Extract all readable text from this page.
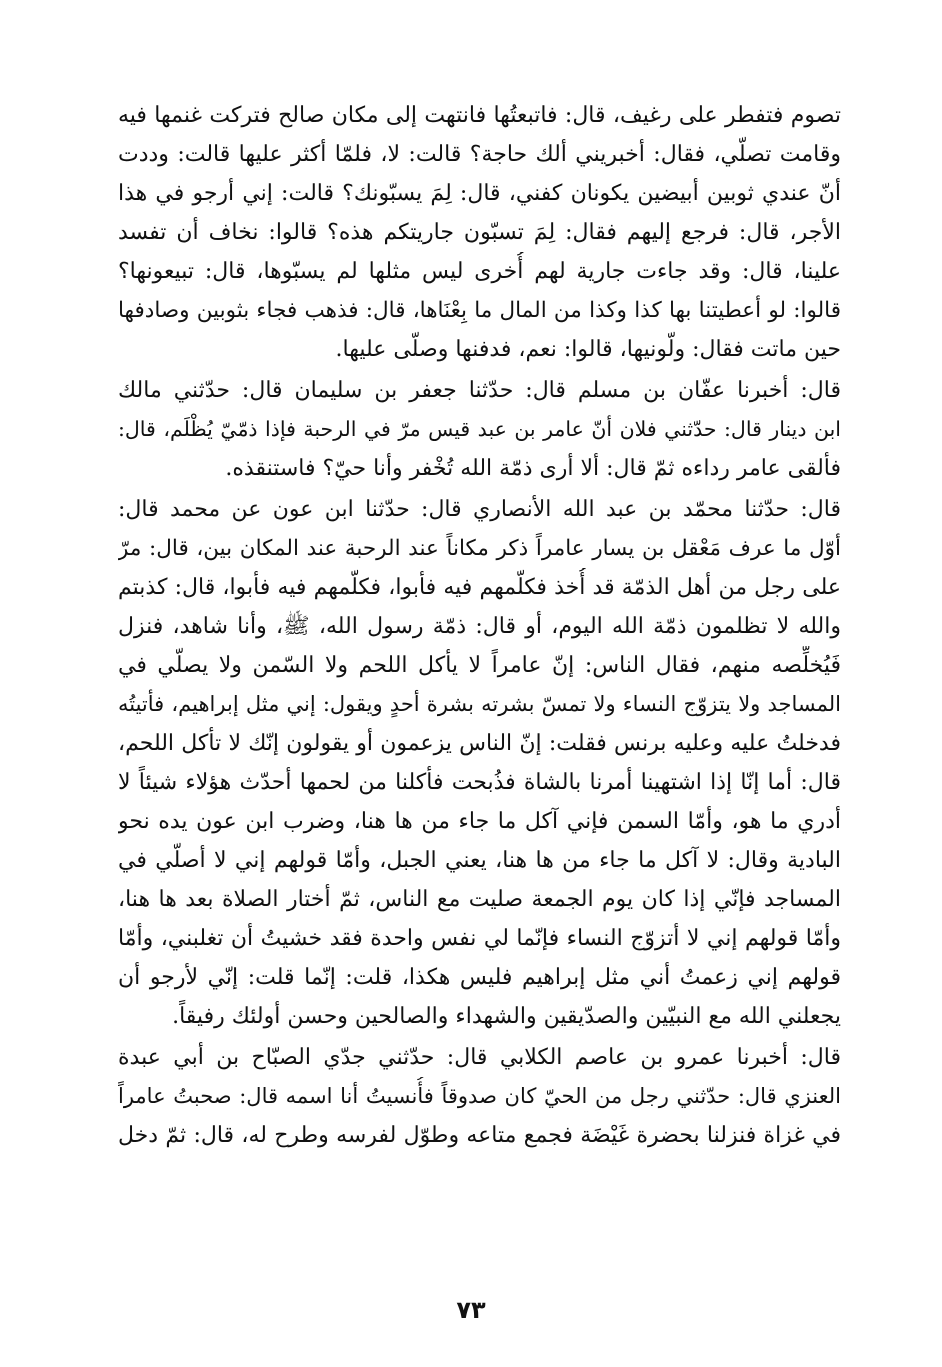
تصوم فتفطر على رغيف، قال: فاتبعتُها فانتهت إلى مكان صالح فتركت غنمها فيه
وقامت تصلّي، فقال: أخبريني ألك حاجة؟ قالت: لا، فلمّا أكثر عليها قالت: وددت
أنّ عندي ثوبين أبيضين يكونان كفني، قال: لِمَ يسبّونك؟ قالت: إني أرجو في هذا
الأجر، قال: فرجع إليهم فقال: لِمَ تسبّون جاريتكم هذه؟ قالوا: نخاف أن تفسد
علينا، قال: وقد جاءت جارية لهم أُخرى ليس مثلها لم يسبّوها، قال: تبيعونها؟
قالوا: لو أعطيتنا بها كذا وكذا من المال ما بِعْنَاها، قال: فذهب فجاء بثوبين وصادفها
حين ماتت فقال: ولّونيها، قالوا: نعم، فدفنها وصلّى عليها.
قال: أخبرنا عفّان بن مسلم قال: حدّثنا جعفر بن سليمان قال: حدّثني مالك
ابن دينار قال: حدّثني فلان أنّ عامر بن عبد قيس مرّ في الرحبة فإذا ذمّيّ يُظْلَم، قال:
فألقى عامر رداءه ثمّ قال: ألا أرى ذمّة الله تُخْفر وأنا حيّ؟ فاستنقذه.
قال: حدّثنا محمّد بن عبد الله الأنصاري قال: حدّثنا ابن عون عن محمد قال:
أوّل ما عرف مَعْقل بن يسار عامراً ذكر مكاناً عند الرحبة عند المكان بين، قال: مرّ
على رجل من أهل الذمّة قد أُخذ فكلّمهم فيه فأبوا، فكلّمهم فيه فأبوا، قال: كذبتم
والله لا تظلمون ذمّة الله اليوم، أو قال: ذمّة رسول الله، ﷺ، وأنا شاهد، فنزل
فَيُخلِّصه منهم، فقال الناس: إنّ عامراً لا يأكل اللحم ولا السّمن ولا يصلّي في
المساجد ولا يتزوّج النساء ولا تمسّ بشرته بشرة أحدٍ ويقول: إني مثل إبراهيم، فأتيتُه
فدخلتُ عليه وعليه برنس فقلت: إنّ الناس يزعمون أو يقولون إنّك لا تأكل اللحم،
قال: أما إنّا إذا اشتهينا أمرنا بالشاة فذُبحت فأكلنا من لحمها أحدّث هؤلاء شيئاً لا
أدري ما هو، وأمّا السمن فإني آكل ما جاء من ها هنا، وضرب ابن عون يده نحو
البادية وقال: لا آكل ما جاء من ها هنا، يعني الجبل، وأمّا قولهم إني لا أصلّي في
المساجد فإنّي إذا كان يوم الجمعة صليت مع الناس، ثمّ أختار الصلاة بعد ها هنا،
وأمّا قولهم إني لا أتزوّج النساء فإنّما لي نفس واحدة فقد خشيتُ أن تغلبني، وأمّا
قولهم إني زعمتُ أني مثل إبراهيم فليس هكذا، قلت: إنّما قلت: إنّي لأرجو أن
يجعلني الله مع النبيّين والصدّيقين والشهداء والصالحين وحسن أولئك رفيقاً.
قال: أخبرنا عمرو بن عاصم الكلابي قال: حدّثني جدّي الصبّاح بن أبي عبدة
العنزي قال: حدّثني رجل من الحيّ كان صدوقاً فأُنسيتُ أنا اسمه قال: صحبتُ عامراً
في غزاة فنزلنا بحضرة غَيْضَة فجمع متاعه وطوّل لفرسه وطرح له، قال: ثمّ دخل
٧٣
